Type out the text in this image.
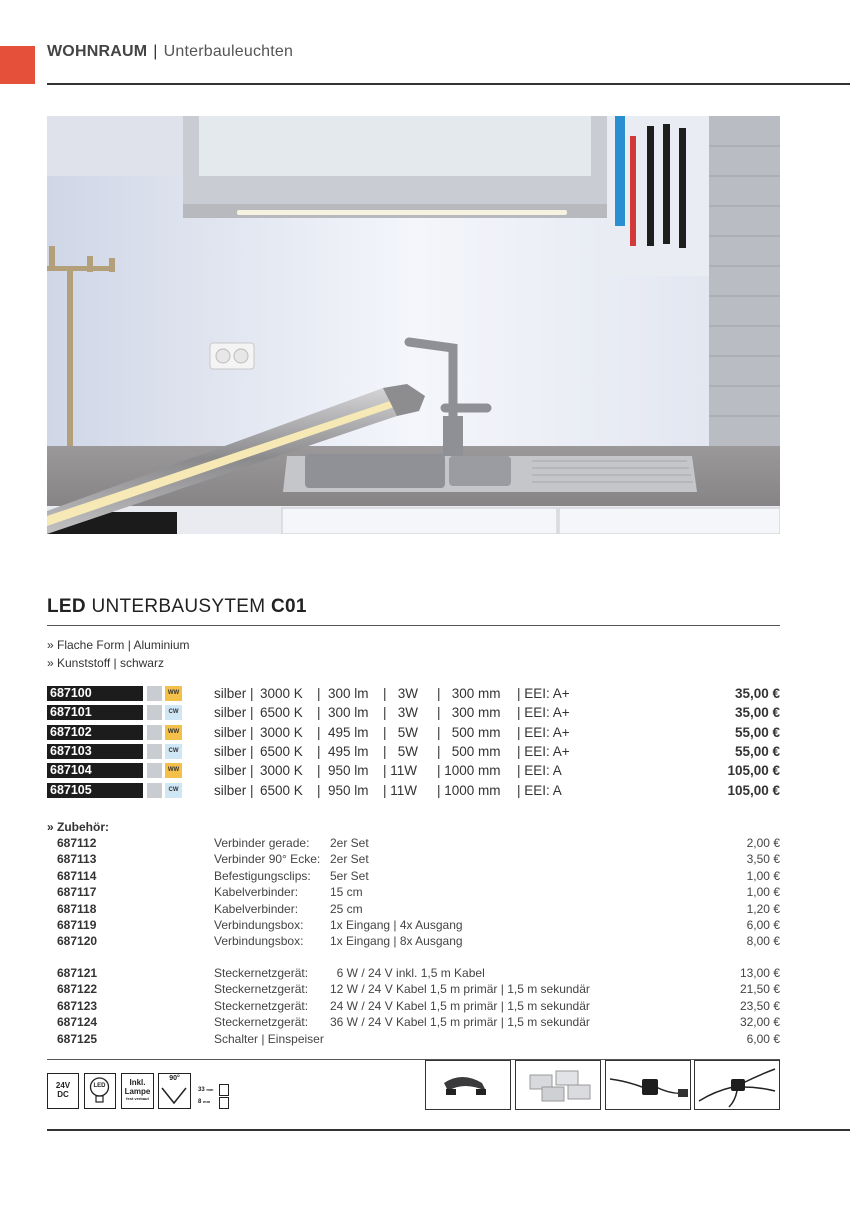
WOHNRAUM | Unterbauleuchten
LED UNTERBAUSYTEM C01
» Flache Form | Aluminium
» Kunststoff | schwarz
687100	WW	silber | 3000 K |  300 lm |   3W |   300 mm | EEI: A+	35,00 €
687101	CW	silber | 6500 K |  300 lm |   3W |   300 mm | EEI: A+	35,00 €
687102	WW	silber | 3000 K |  495 lm |   5W |   500 mm | EEI: A+	55,00 €
687103	CW	silber | 6500 K |  495 lm |   5W |   500 mm | EEI: A+	55,00 €
687104	WW	silber | 3000 K |  950 lm | 11W | 1000 mm | EEI: A	105,00 €
687105	CW	silber | 6500 K |  950 lm | 11W | 1000 mm | EEI: A	105,00 €
» Zubehör:
687112	Verbinder gerade: 2er Set	2,00 €
687113	Verbinder 90° Ecke: 2er Set	3,50 €
687114	Befestigungsclips: 5er Set	1,00 €
687117	Kabelverbinder:	15 cm	1,00 €
687118	Kabelverbinder:	25 cm	1,20 €
687119	Verbindungsbox: 1x Eingang | 4x Ausgang	6,00 €
687120	Verbindungsbox: 1x Eingang | 8x Ausgang	8,00 €
687121	Steckernetzgerät: 6 W / 24 V inkl. 1,5 m Kabel	13,00 €
687122	Steckernetzgerät: 12 W / 24 V Kabel 1,5 m primär | 1,5 m sekundär	21,50 €
687123	Steckernetzgerät: 24 W / 24 V Kabel 1,5 m primär | 1,5 m sekundär	23,50 €
687124	Steckernetzgerät: 36 W / 24 V Kabel 1,5 m primär | 1,5 m sekundär	32,00 €
687125	Schalter | Einspeiser	6,00 €
24V
DC
LED	Inkl.
Lampe
fest verbaut
90°
33 mm
8 mm
